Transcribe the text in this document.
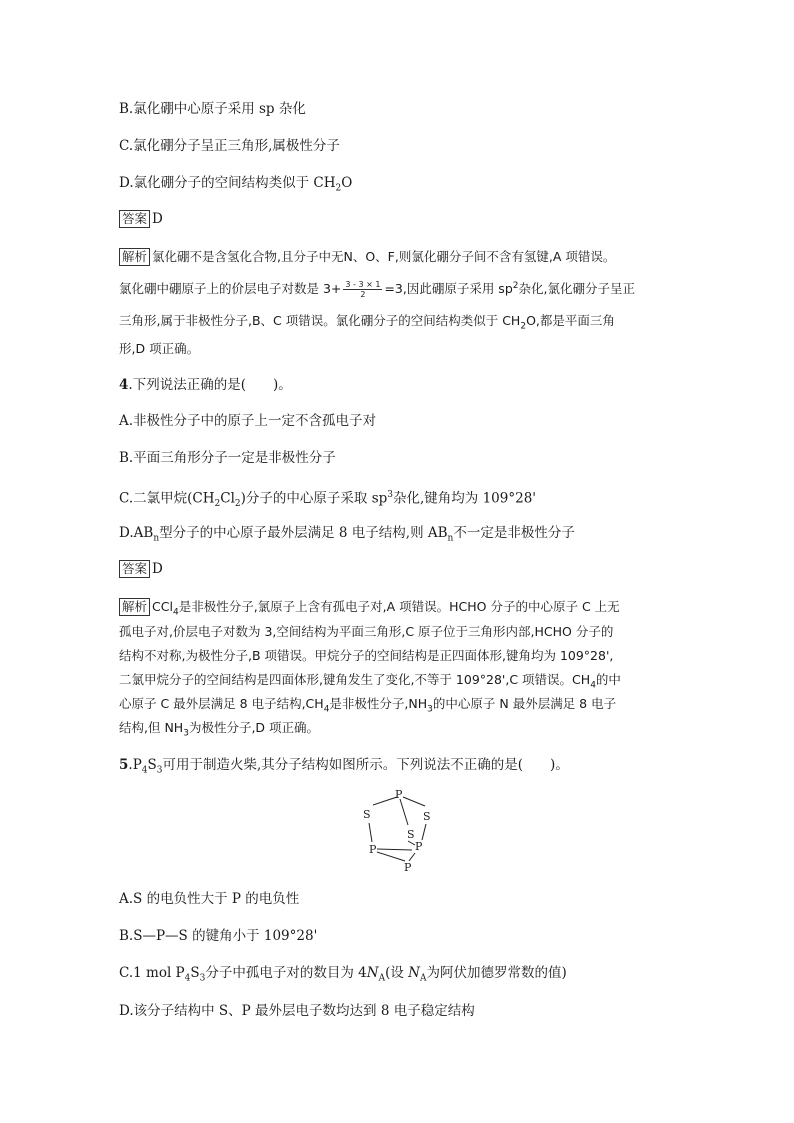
B.氯化硼中心原子采用 sp 杂化
C.氯化硼分子呈正三角形,属极性分子
D.氯化硼分子的空间结构类似于 $CH_2O$
答案 D
解析 氯化硼不是含氢化合物,且分子中无N、O、F,则氯化硼分子间不含有氢键,A 项错误。
氯化硼中硼原子上的价层电子对数是 $3+ \frac{3 - 3 \times 1}{2} =3$,因此硼原子采用 $sp^2$杂化,氯化硼分子呈正
三角形,属于非极性分子,B、C 项错误。氯化硼分子的空间结构类似于 $CH_2O$,都是平面三角
形,D 项正确。
4.下列说法正确的是(　　)。
A.非极性分子中的原子上一定不含孤电子对
B.平面三角形分子一定是非极性分子
C.二氯甲烷$(CH_2Cl_2)$分子的中心原子采取 $sp^3$杂化,键角均为 109°28'
$D.AB_n$型分子的中心原子最外层满足 8 电子结构,则 $AB_n$不一定是非极性分子
答案 D
解析 CCl$_4$是非极性分子,氯原子上含有孤电子对,A 项错误。HCHO 分子的中心原子 C 上无
孤电子对,价层电子对数为 3,空间结构为平面三角形,C 原子位于三角形内部,HCHO 分子的
结构不对称,为极性分子,B 项错误。甲烷分子的空间结构是正四面体形,键角均为 109°28',
二氯甲烷分子的空间结构是四面体形,键角发生了变化,不等于 109°28',C 项错误。$CH_4$的中
心原子 C 最外层满足 8 电子结构$,CH_4$是非极性分子$,NH_3$的中心原子 N 最外层满足 8 电子
结构,但 $NH_3$为极性分子,D 项正确。
$5.P_4S_3$可用于制造火柴,其分子结构如图所示。下列说法不正确的是(　　)。
P
S	S
S
P	P
P
A.S 的电负性大于 P 的电负性
B.S—P—S 的键角小于 109°28'
C.1 mol $P_4S_3$分子中孤电子对的数目为 $4N_A$(设 $N_A$为阿伏加德罗常数的值)
D.该分子结构中 S、P 最外层电子数均达到 8 电子稳定结构
